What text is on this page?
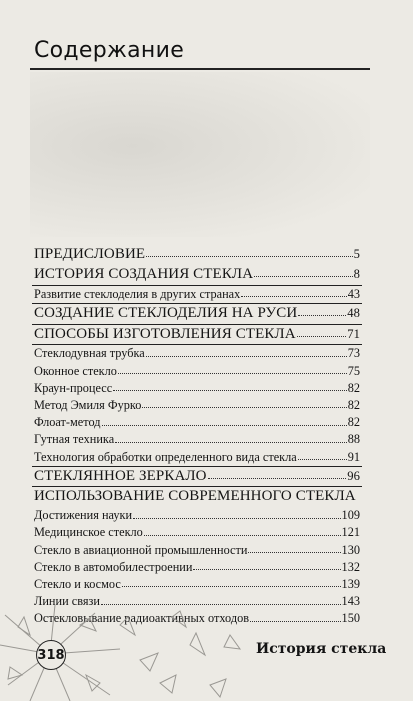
Содержание
ПРЕДИСЛОВИЕ	5
ИСТОРИЯ СОЗДАНИЯ СТЕКЛА	8
Развитие стеклоделия в других странах	43
СОЗДАНИЕ СТЕКЛОДЕЛИЯ НА РУСИ	48
СПОСОБЫ ИЗГОТОВЛЕНИЯ СТЕКЛА	71
Стеклодувная трубка	73
Оконное стекло	75
Краун-процесс	82
Метод Эмиля Фурко	82
Флоат-метод	82
Гутная техника	88
Технология обработки определенного вида стекла	91
СТЕКЛЯННОЕ ЗЕРКАЛО	96
ИСПОЛЬЗОВАНИЕ СОВРЕМЕННОГО СТЕКЛА
Достижения науки	109
Медицинское стекло	121
Стекло в авиационной промышленности	130
Стекло в автомобилестроении	132
Стекло и космос	139
Линии связи	143
Остекловывание радиоактивных отходов	150
318	История стекла
